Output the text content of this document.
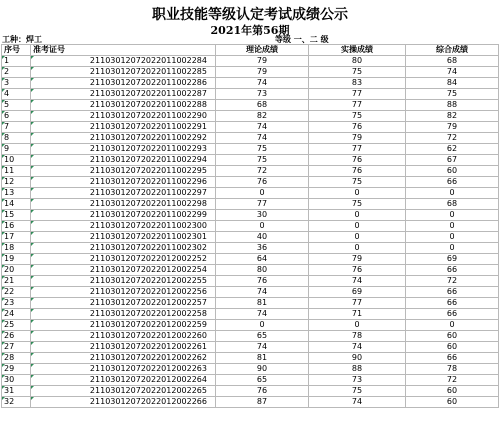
职业技能等级认定考试成绩公示
2021年第56期
工种：焊工	等级 一、二 级
序号	准考证号	理论成绩	实操成绩	综合成绩
1	21103012072022011002284	79	80	68
2	21103012072022011002285	79	75	74
3	21103012072022011002286	74	83	84
4	21103012072022011002287	73	77	75
5	21103012072022011002288	68	77	88
6	21103012072022011002290	82	75	82
7	21103012072022011002291	74	76	79
8	21103012072022011002292	74	79	72
9	21103012072022011002293	75	77	62
10	21103012072022011002294	75	76	67
11	21103012072022011002295	72	76	60
12	21103012072022011002296	76	75	66
13	21103012072022011002297	0	0	0
14	21103012072022011002298	77	75	68
15	21103012072022011002299	30	0	0
16	21103012072022011002300	0	0	0
17	21103012072022011002301	40	0	0
18	21103012072022011002302	36	0	0
19	21103012072022012002252	64	79	69
20	21103012072022012002254	80	76	66
21	21103012072022012002255	76	74	72
22	21103012072022012002256	74	69	66
23	21103012072022012002257	81	77	66
24	21103012072022012002258	74	71	66
25	21103012072022012002259	0	0	0
26	21103012072022012002260	65	78	60
27	21103012072022012002261	74	74	60
28	21103012072022012002262	81	90	66
29	21103012072022012002263	90	88	78
30	21103012072022012002264	65	73	72
31	21103012072022012002265	76	75	60
32	21103012072022012002266	87	74	60
